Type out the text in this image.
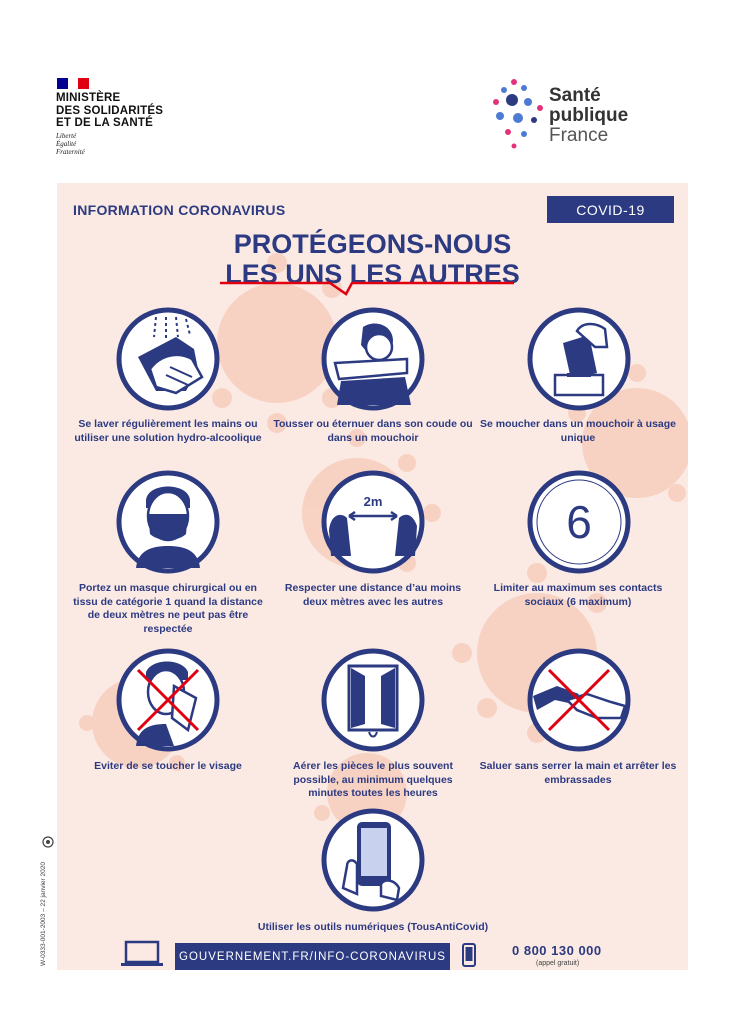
MINISTÈRE
DES SOLIDARITÉS
ET DE LA SANTÉ
Liberté
Égalité
Fraternité
Santé
publique
France
INFORMATION CORONAVIRUS	COVID-19
PROTÉGEONS-NOUS
LES UNS LES AUTRES
Se laver régulièrement les mains ou utiliser une solution hydro-alcoolique
Tousser ou éternuer dans son coude ou dans un mouchoir
Se moucher dans un mouchoir à usage unique
2m	6
Portez un masque chirurgical ou en tissu de catégorie 1 quand la distance de deux mètres ne peut pas être respectée
Respecter une distance d’au moins deux mètres avec les autres
Limiter au maximum ses contacts sociaux (6 maximum)
Eviter de se toucher le visage	Aérer les pièces le plus souvent possible, au minimum quelques minutes toutes les heures
Saluer sans serrer la main et arrêter les embrassades
Utiliser les outils numériques (TousAntiCovid)
GOUVERNEMENT.FR/INFO-CORONAVIRUS	0 800 130 000
(appel gratuit)
W-0333-001-2003 – 22 janvier 2020
